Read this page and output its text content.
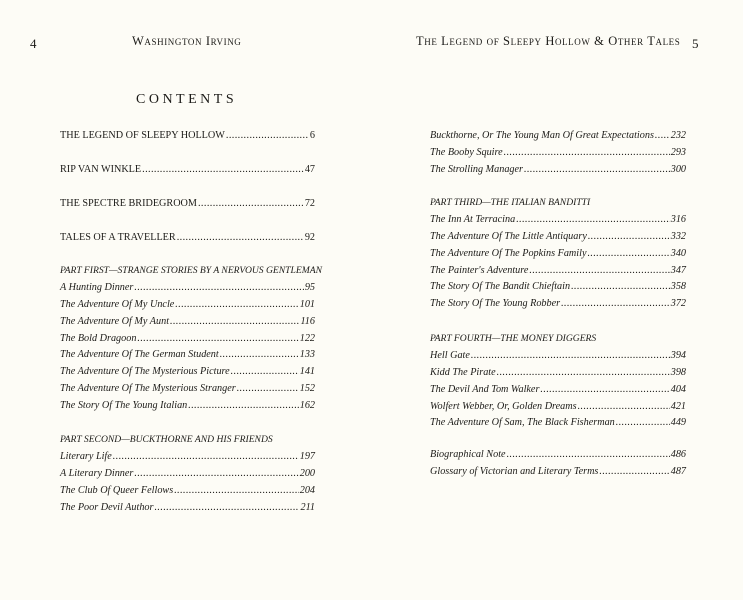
4	Washington Irving
CONTENTS
THE LEGEND OF SLEEPY HOLLOW .....	6
RIP VAN WINKLE .....	47
THE SPECTRE BRIDEGROOM .....	72
TALES OF A TRAVELLER .....	92
PART FIRST—STRANGE STORIES BY A NERVOUS GENTLEMAN
A Hunting Dinner .....	95
The Adventure Of My Uncle .....	101
The Adventure Of My Aunt .....	116
The Bold Dragoon .....	122
The Adventure Of The German Student .....	133
The Adventure Of The Mysterious Picture .....	141
The Adventure Of The Mysterious Stranger .....	152
The Story Of The Young Italian .....	162
PART SECOND—BUCKTHORNE AND HIS FRIENDS
Literary Life .....	197
A Literary Dinner .....	200
The Club Of Queer Fellows .....	204
The Poor Devil Author .....	211
The Legend of Sleepy Hollow & Other Tales 5
Buckthorne, Or The Young Man Of Great Expectations ..... 232
The Booby Squire .....	293
The Strolling Manager .....	300
PART THIRD—THE ITALIAN BANDITTI
The Inn At Terracina .....	316
The Adventure Of The Little Antiquary .....	332
The Adventure Of The Popkins Family .....	340
The Painter's Adventure .....	347
The Story Of The Bandit Chieftain .....	358
The Story Of The Young Robber .....	372
PART FOURTH—THE MONEY DIGGERS
Hell Gate .....	394
Kidd The Pirate .....	398
The Devil And Tom Walker .....	404
Wolfert Webber, Or, Golden Dreams .....	421
The Adventure Of Sam, The Black Fisherman .....	449
Biographical Note .....	486
Glossary of Victorian and Literary Terms .....	487
